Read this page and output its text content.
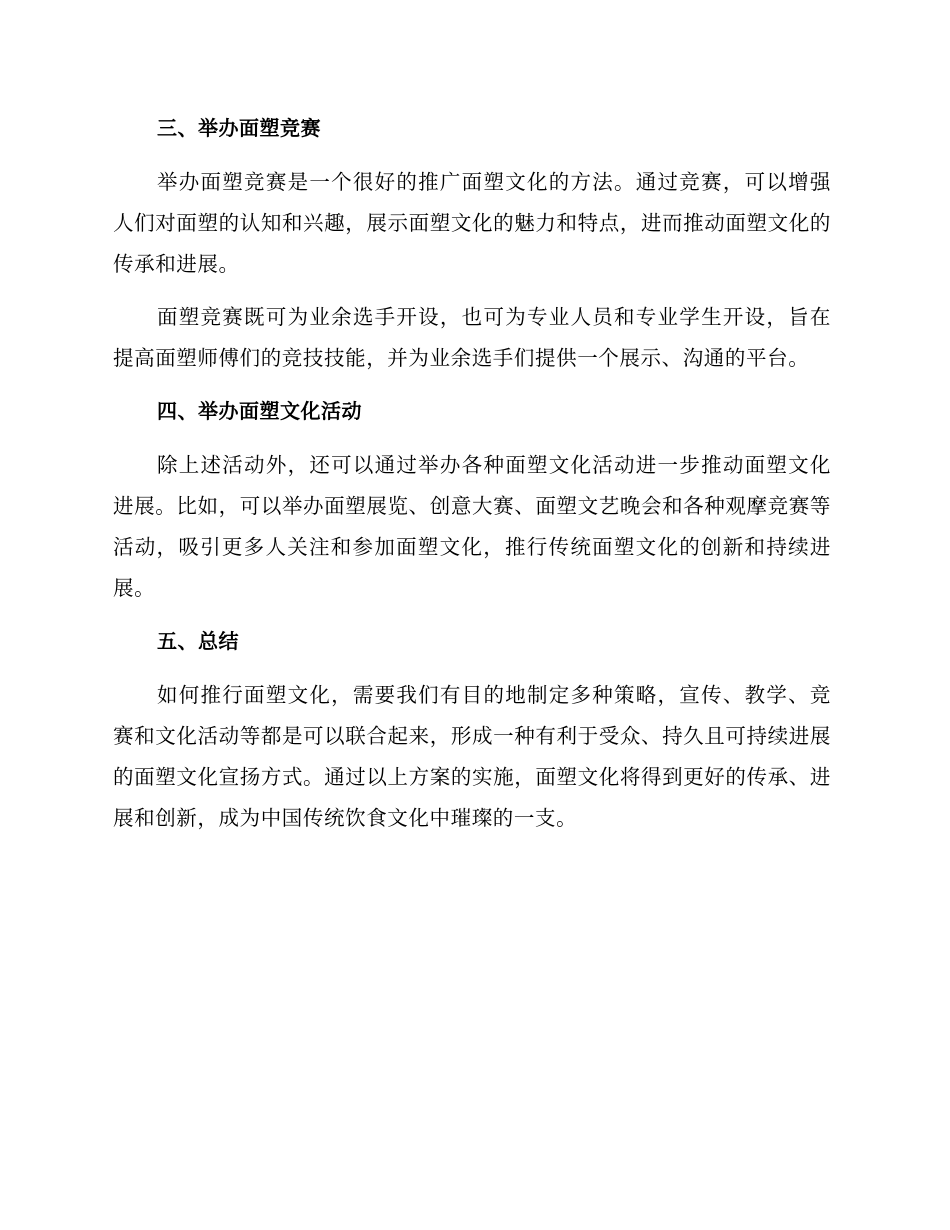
三、举办面塑竞赛

举办面塑竞赛是一个很好的推广面塑文化的方法。通过竞赛，可以增强人们对面塑的认知和兴趣，展示面塑文化的魅力和特点，进而推动面塑文化的传承和进展。

面塑竞赛既可为业余选手开设，也可为专业人员和专业学生开设，旨在提高面塑师傅们的竞技技能，并为业余选手们提供一个展示、沟通的平台。

四、举办面塑文化活动

除上述活动外，还可以通过举办各种面塑文化活动进一步推动面塑文化进展。比如，可以举办面塑展览、创意大赛、面塑文艺晚会和各种观摩竞赛等活动，吸引更多人关注和参加面塑文化，推行传统面塑文化的创新和持续进展。

五、总结

如何推行面塑文化，需要我们有目的地制定多种策略，宣传、教学、竞赛和文化活动等都是可以联合起来，形成一种有利于受众、持久且可持续进展的面塑文化宣扬方式。通过以上方案的实施，面塑文化将得到更好的传承、进展和创新，成为中国传统饮食文化中璀璨的一支。
